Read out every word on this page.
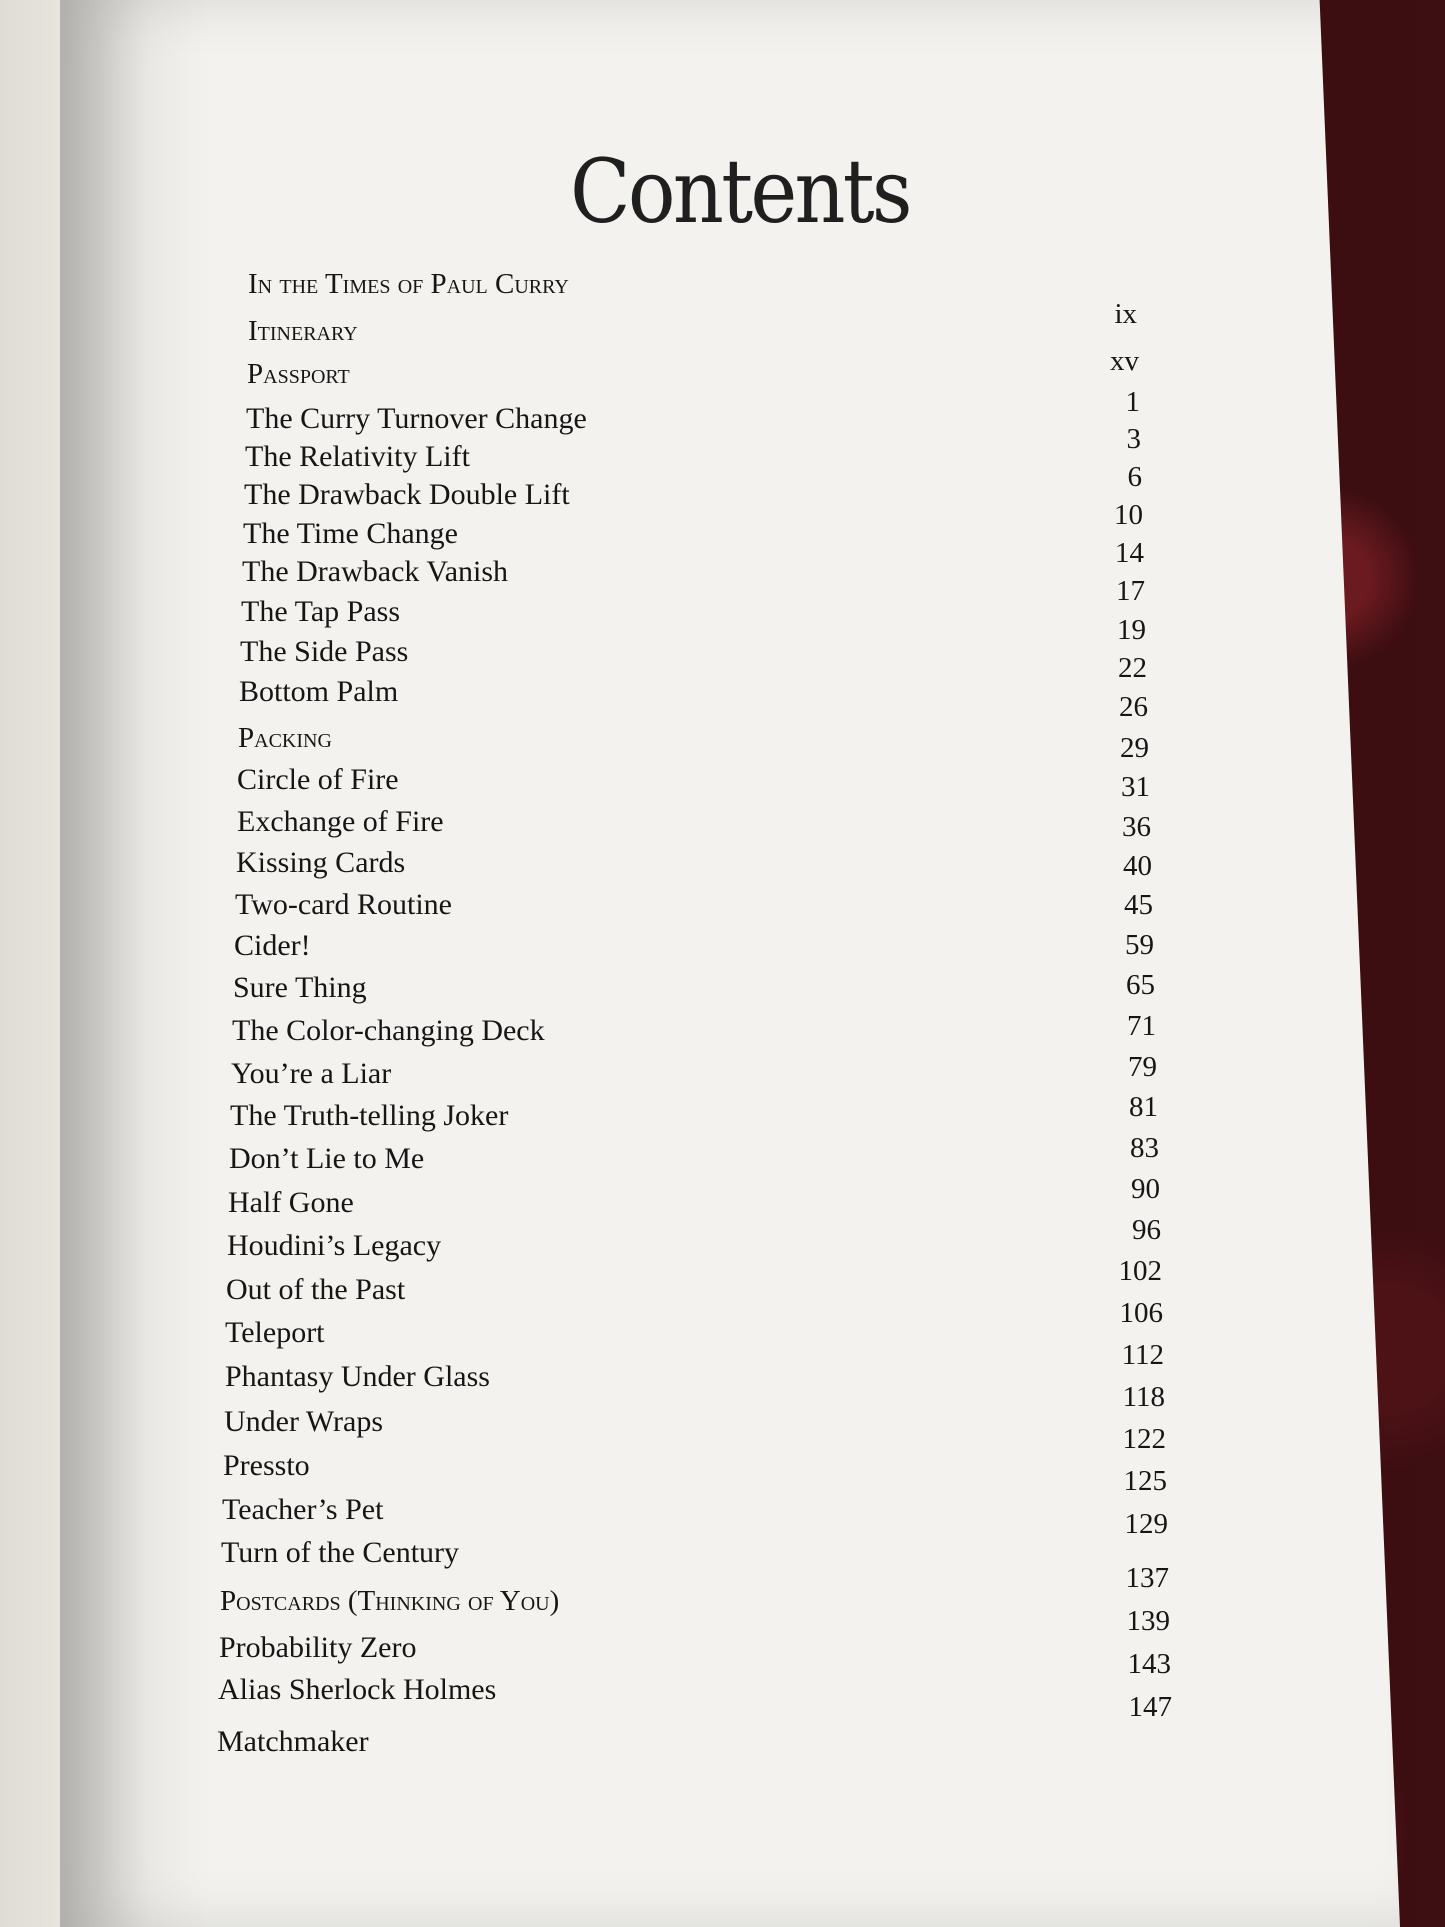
Contents
In the Times of Paul Curry
Itinerary
Passport
The Curry Turnover Change
The Relativity Lift
The Drawback Double Lift
The Time Change
The Drawback Vanish
The Tap Pass
The Side Pass
Bottom Palm
Packing
Circle of Fire
Exchange of Fire
Kissing Cards
Two-card Routine
Cider!
Sure Thing
The Color-changing Deck
You’re a Liar
The Truth-telling Joker
Don’t Lie to Me
Half Gone
Houdini’s Legacy
Out of the Past
Teleport
Phantasy Under Glass
Under Wraps
Pressto
Teacher’s Pet
Turn of the Century
Postcards (Thinking of You)
Probability Zero
Alias Sherlock Holmes
Matchmaker
ix
xv
1
3
6
10
14
17
19
22
26
29
31
36
40
45
59
65
71
79
81
83
90
96
102
106
112
118
122
125
129
137
139
143
147
